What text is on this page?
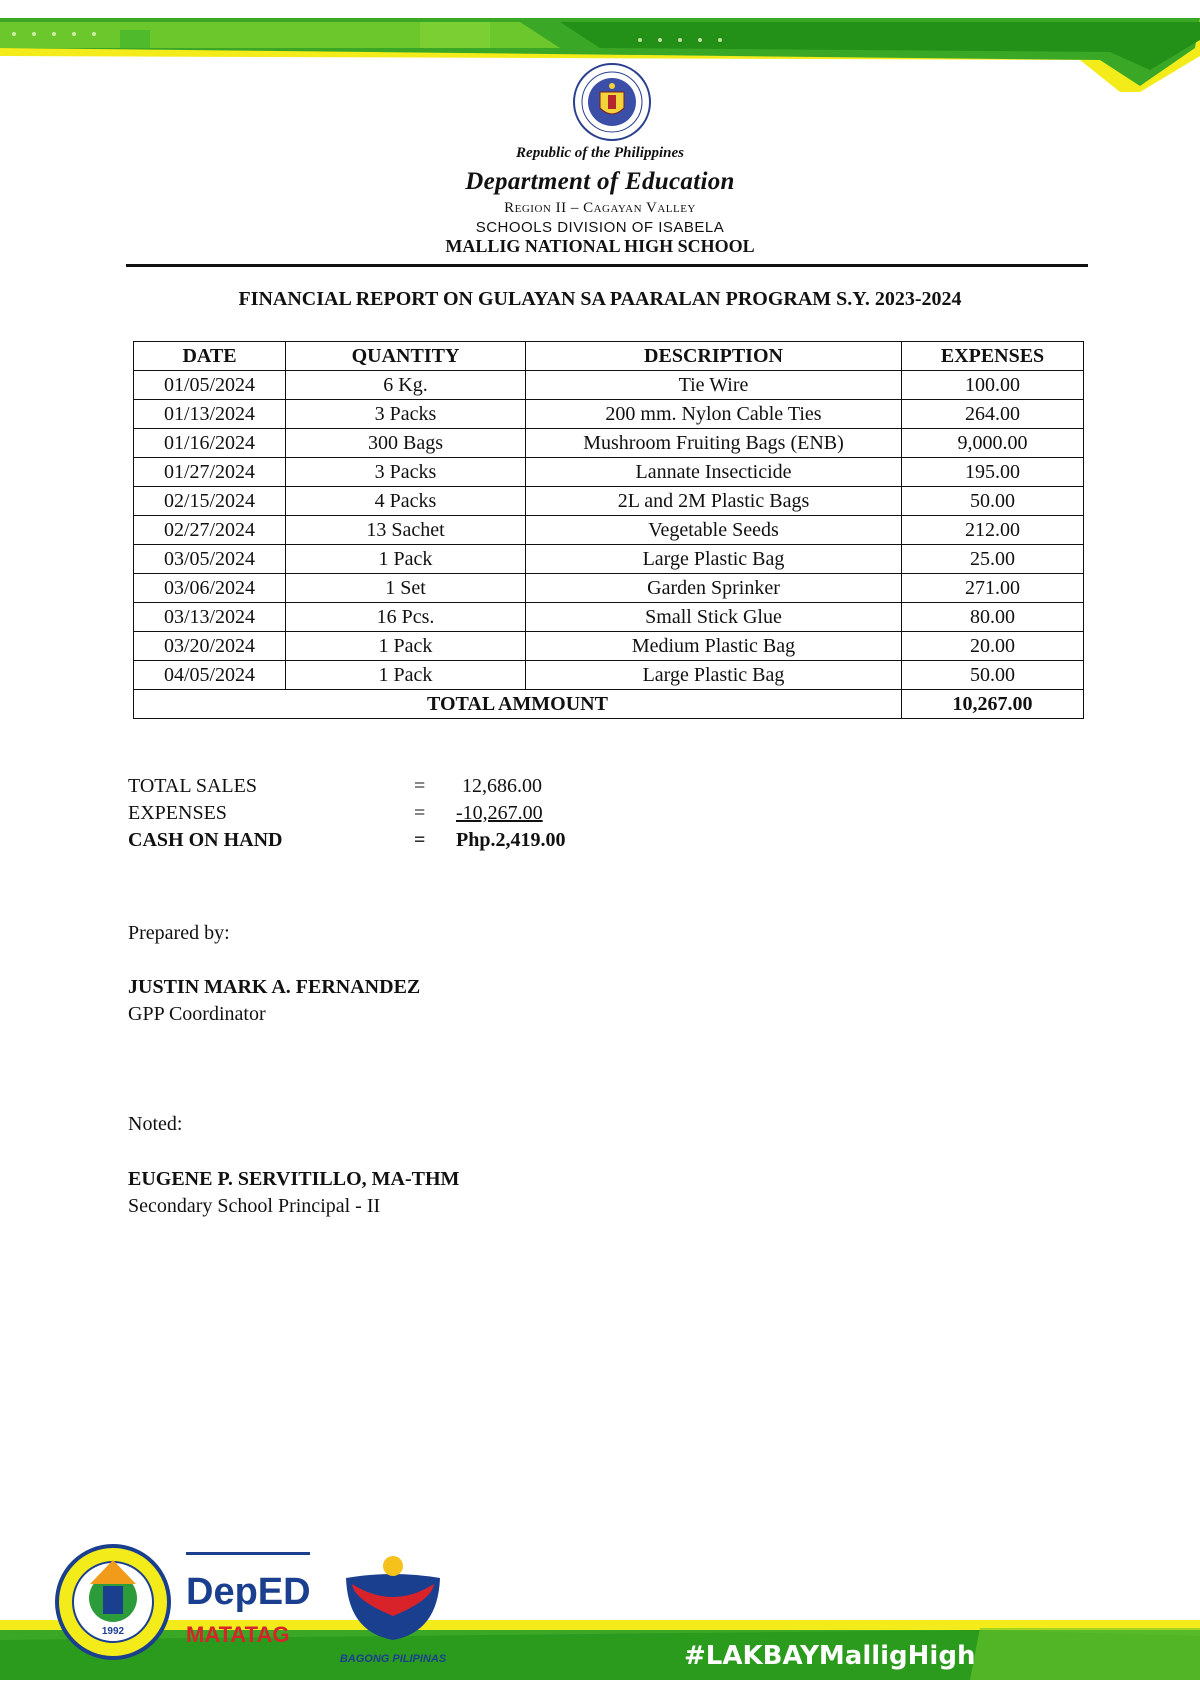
Republic of the Philippines
Department of Education
Region II – Cagayan Valley
SCHOOLS DIVISION OF ISABELA
MALLIG NATIONAL HIGH SCHOOL
FINANCIAL REPORT ON GULAYAN SA PAARALAN PROGRAM S.Y. 2023-2024
DATE	QUANTITY	DESCRIPTION	EXPENSES
01/05/2024	6 Kg.	Tie Wire	100.00
01/13/2024	3 Packs	200 mm. Nylon Cable Ties	264.00
01/16/2024	300 Bags	Mushroom Fruiting Bags (ENB)	9,000.00
01/27/2024	3 Packs	Lannate Insecticide	195.00
02/15/2024	4 Packs	2L and 2M Plastic Bags	50.00
02/27/2024	13 Sachet	Vegetable Seeds	212.00
03/05/2024	1 Pack	Large Plastic Bag	25.00
03/06/2024	1 Set	Garden Sprinker	271.00
03/13/2024	16 Pcs.	Small Stick Glue	80.00
03/20/2024	1 Pack	Medium Plastic Bag	20.00
04/05/2024	1 Pack	Large Plastic Bag	50.00
TOTAL AMMOUNT			10,267.00
TOTAL SALES	= 12,686.00
EXPENSES	= -10,267.00
CASH ON HAND	= Php.2,419.00
Prepared by:
JUSTIN MARK A. FERNANDEZ
GPP Coordinator
Noted:
EUGENE P. SERVITILLO, MA-THM
Secondary School Principal - II
1992
DepED
MATATAG
BAGONG PILIPINAS	#LAKBAYMalligHigh
